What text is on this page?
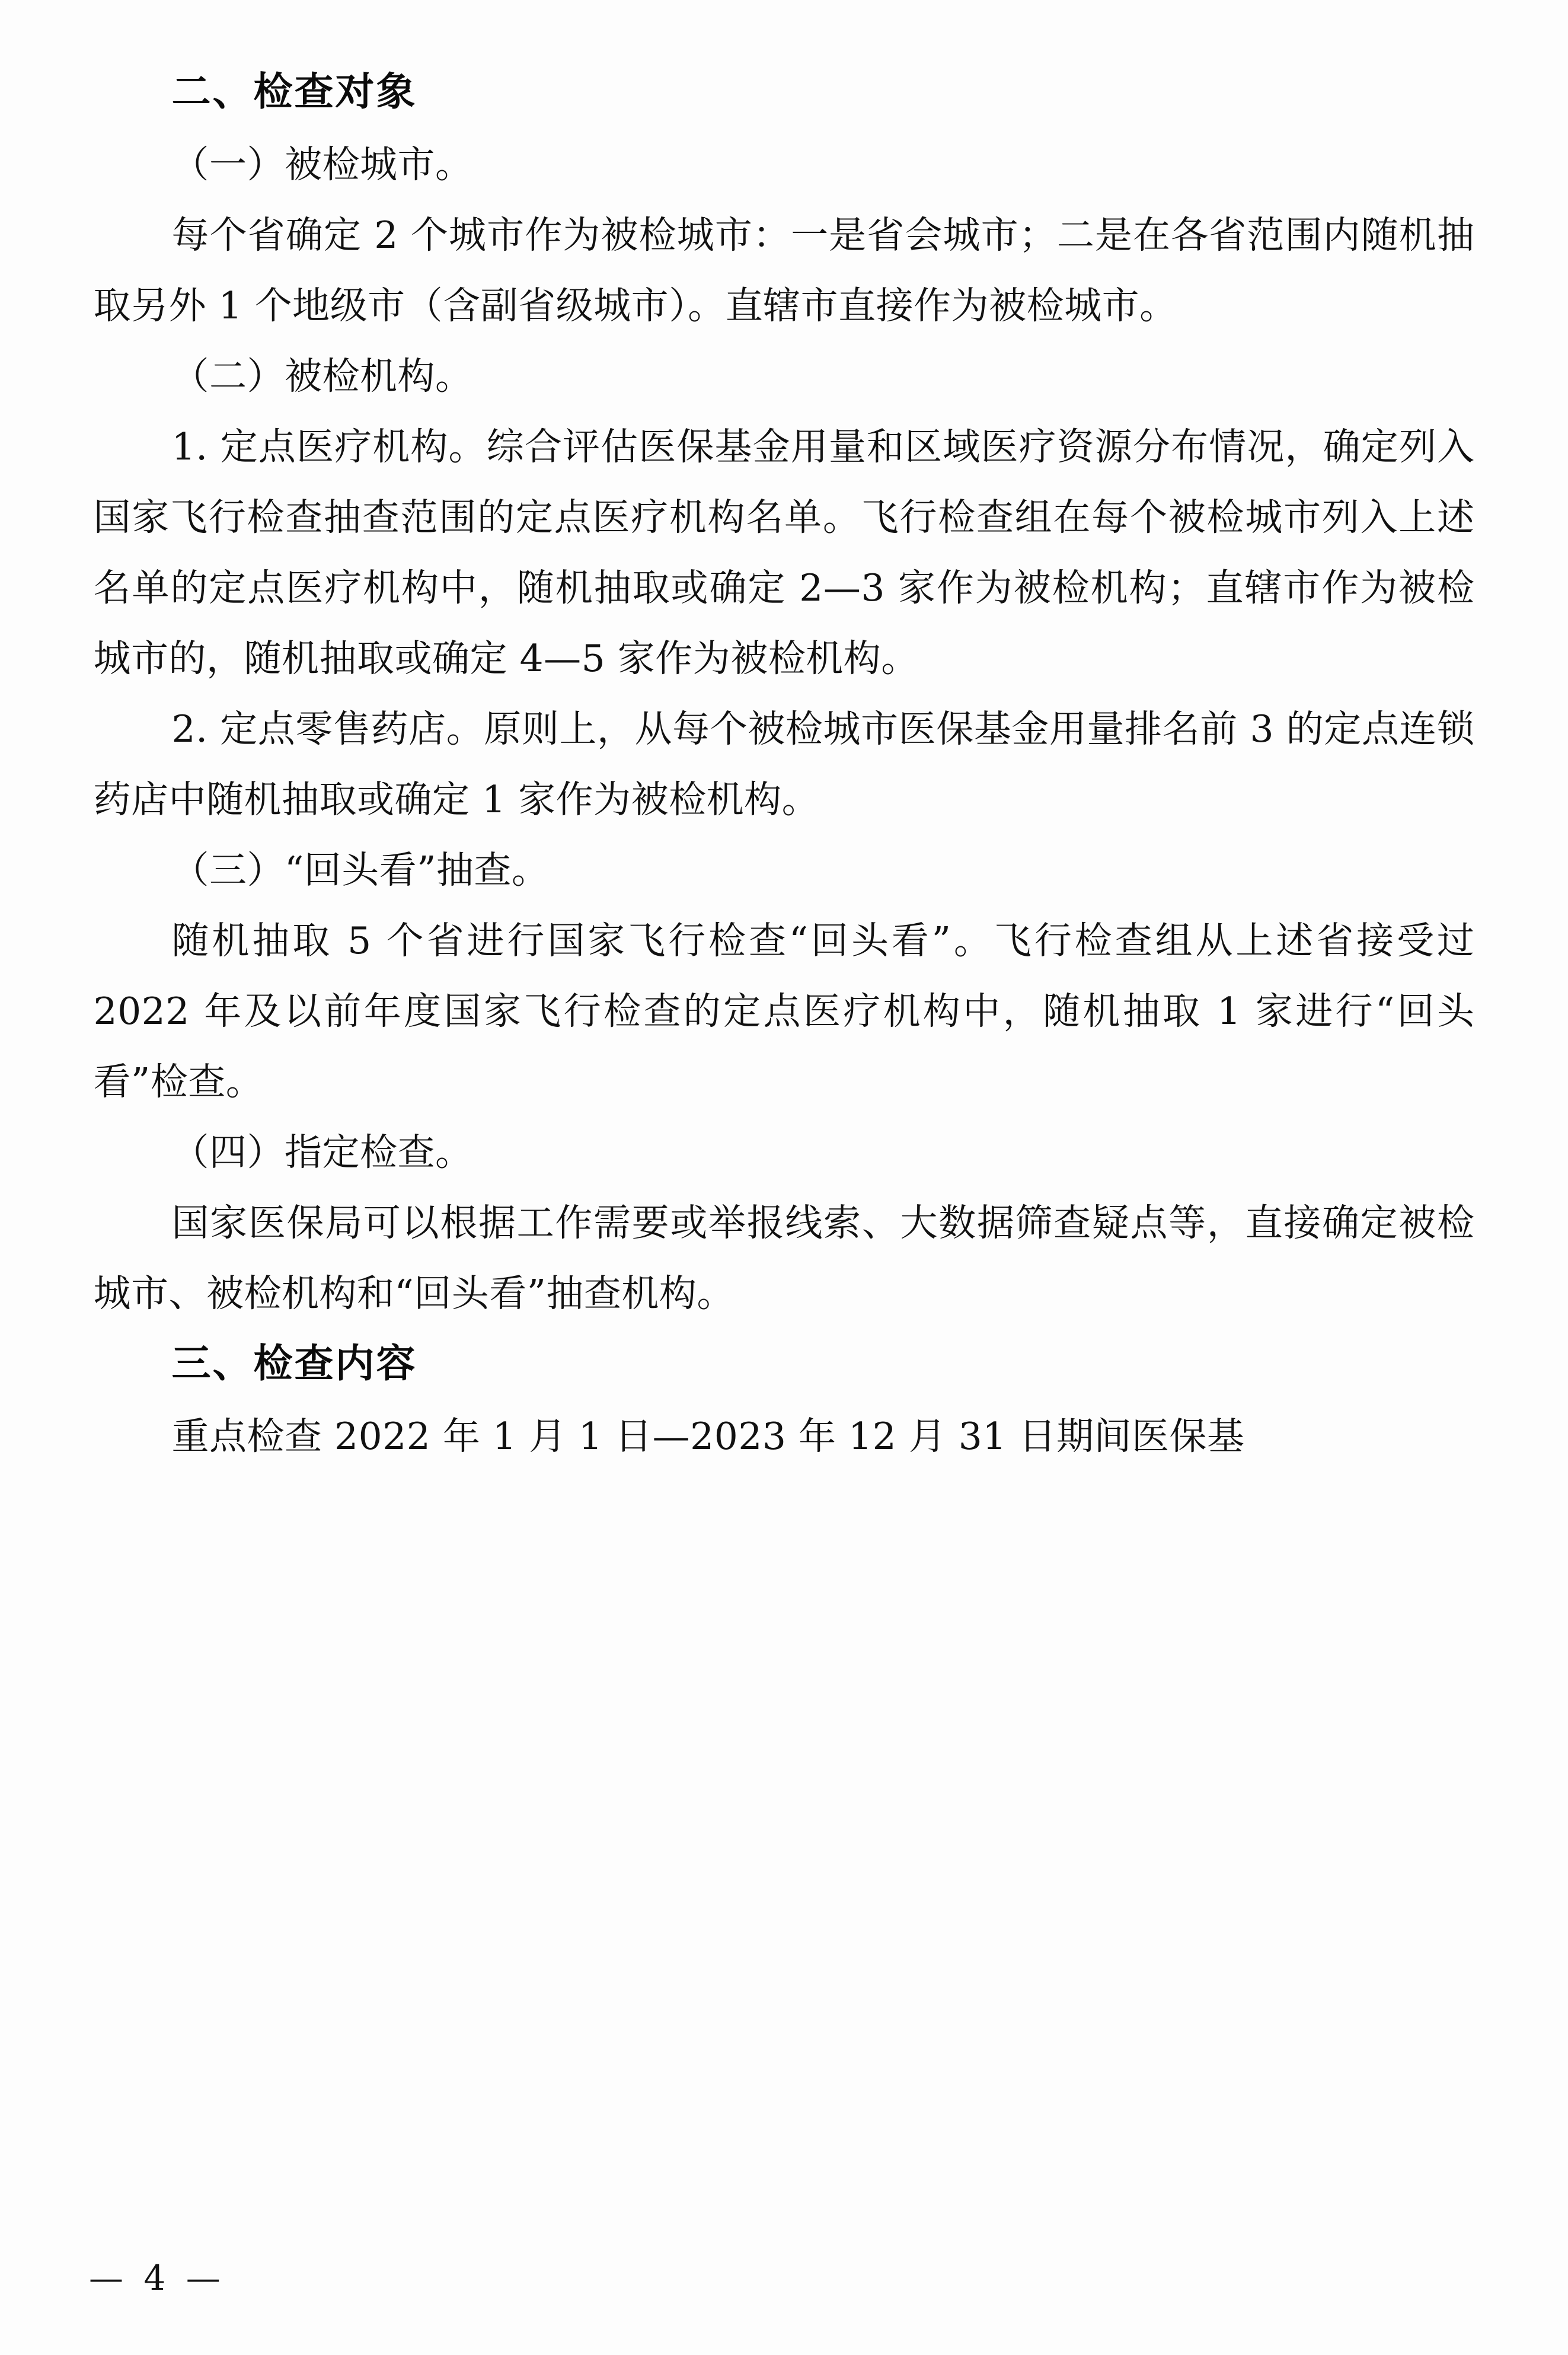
二、检查对象

（一）被检城市。

每个省确定 2 个城市作为被检城市：一是省会城市；二是在各省范围内随机抽取另外 1 个地级市（含副省级城市）。直辖市直接作为被检城市。

（二）被检机构。

1. 定点医疗机构。综合评估医保基金用量和区域医疗资源分布情况，确定列入国家飞行检查抽查范围的定点医疗机构名单。飞行检查组在每个被检城市列入上述名单的定点医疗机构中，随机抽取或确定 2—3 家作为被检机构；直辖市作为被检城市的，随机抽取或确定 4—5 家作为被检机构。

2. 定点零售药店。原则上，从每个被检城市医保基金用量排名前 3 的定点连锁药店中随机抽取或确定 1 家作为被检机构。

（三）“回头看”抽查。

随机抽取 5 个省进行国家飞行检查“回头看”。飞行检查组从上述省接受过 2022 年及以前年度国家飞行检查的定点医疗机构中，随机抽取 1 家进行“回头看”检查。

（四）指定检查。

国家医保局可以根据工作需要或举报线索、大数据筛查疑点等，直接确定被检城市、被检机构和“回头看”抽查机构。

三、检查内容

重点检查 2022 年 1 月 1 日—2023 年 12 月 31 日期间医保基

— 4 —
